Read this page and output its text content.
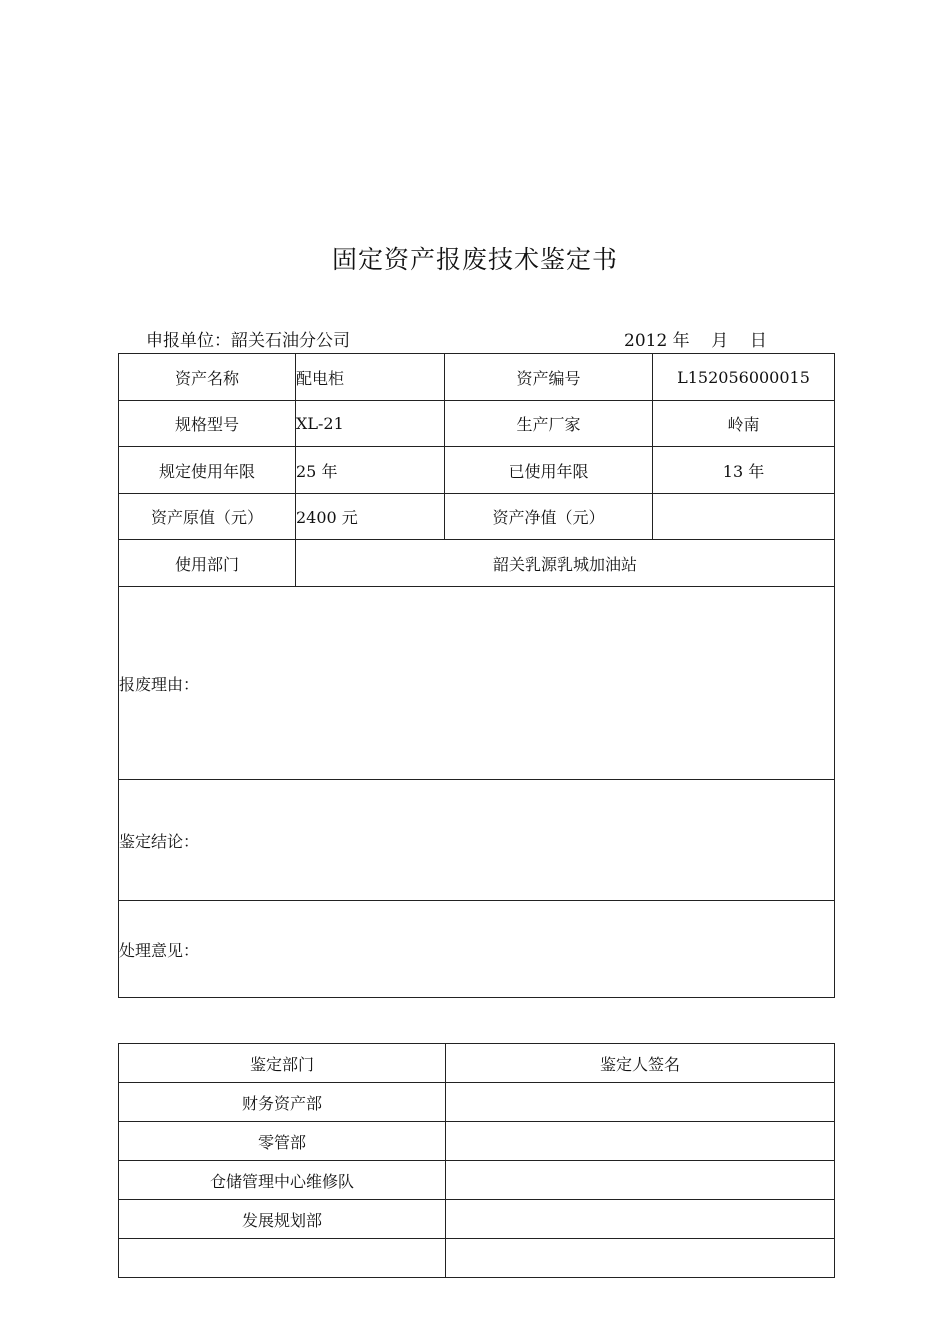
固定资产报废技术鉴定书
申报单位：韶关石油分公司	2012 年    月    日
资产名称	配电柜	资产编号	L152056000015
规格型号	XL-21	生产厂家	岭南
规定使用年限	25 年	已使用年限	13 年
资产原值（元）	2400 元	资产净值（元）	
使用部门	韶关乳源乳城加油站		
报废理由：			
鉴定结论：			
处理意见：			
鉴定部门	鉴定人签名
财务资产部	
零管部	
仓储管理中心维修队	
发展规划部	
